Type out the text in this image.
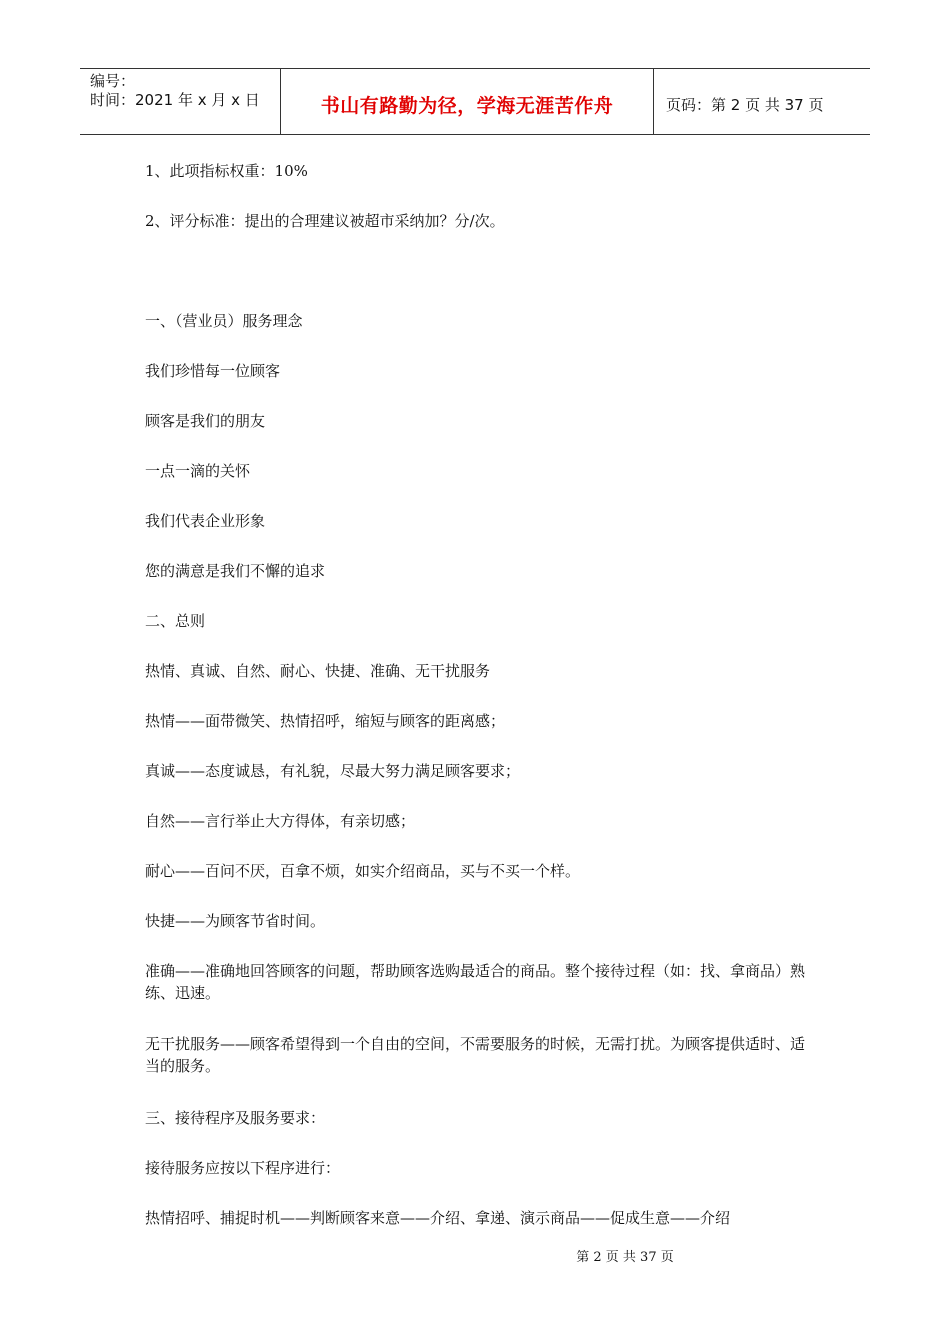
编号：
时间：2021 年 x 月 x 日	书山有路勤为径，学海无涯苦作舟	页码：第 2 页 共 37 页

1、此项指标权重：10%

2、评分标准：提出的合理建议被超市采纳加？分/次。

一、（营业员）服务理念

我们珍惜每一位顾客

顾客是我们的朋友

一点一滴的关怀

我们代表企业形象

您的满意是我们不懈的追求

二、总则

热情、真诚、自然、耐心、快捷、准确、无干扰服务

热情——面带微笑、热情招呼，缩短与顾客的距离感；

真诚——态度诚恳，有礼貌，尽最大努力满足顾客要求；

自然——言行举止大方得体，有亲切感；

耐心——百问不厌，百拿不烦，如实介绍商品，买与不买一个样。

快捷——为顾客节省时间。

准确——准确地回答顾客的问题，帮助顾客选购最适合的商品。整个接待过程（如：找、拿商品）熟练、迅速。

无干扰服务——顾客希望得到一个自由的空间，不需要服务的时候，无需打扰。为顾客提供适时、适当的服务。

三、接待程序及服务要求：

接待服务应按以下程序进行：

热情招呼、捕捉时机——判断顾客来意——介绍、拿递、演示商品——促成生意——介绍

第 2 页 共 37 页
